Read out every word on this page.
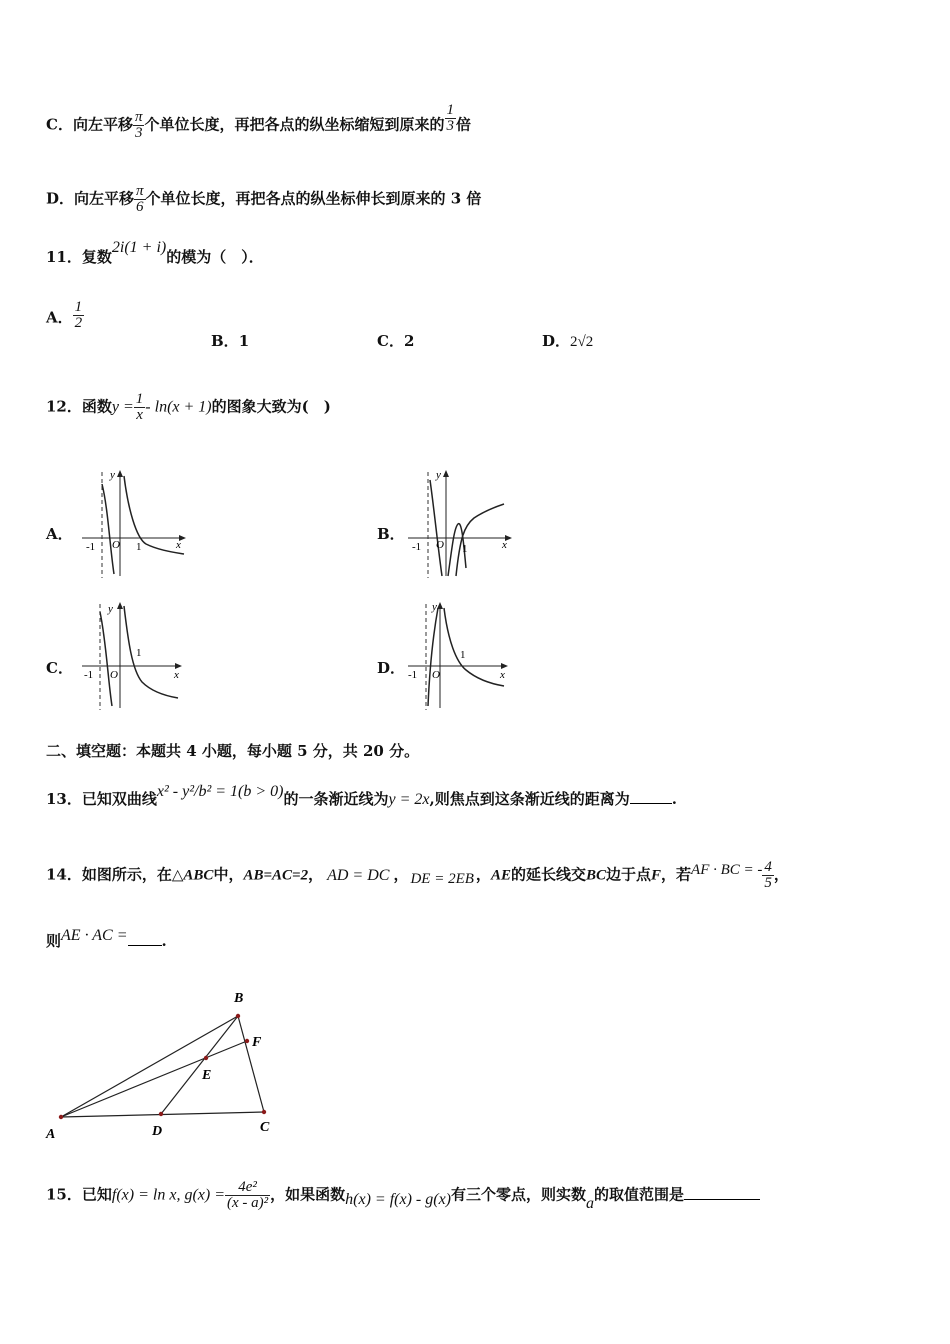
C．向左平移 $\frac{\pi}{3}$ 个单位长度，再把各点的纵坐标缩短到原来的 $\frac{1}{3}$ 倍
D．向左平移 $\frac{\pi}{6}$ 个单位长度，再把各点的纵坐标伸长到原来的 3 倍
11．复数2i(1 + i)的模为（　）．
A． $\frac{1}{2}$
B．1	C．2	D．2√2
12．函数$y = \frac{1}{x} - \ln(x + 1)$的图象大致为(　)
A．
y
x
O
-1	1
B．
y
x
O
-1	1
C．
y
x
O
-1
1
D．
y
x
O
-1
1
二、填空题：本题共 4 小题，每小题 5 分，共 20 分。
13．已知双曲线x² - y²/b² = 1(b > 0)的一条渐近线为y = 2x,则焦点到这条渐近线的距离为	.
14．如图所示，在△ABC中，AB=AC=2， AD = DC ， DE = 2EB ，AE的延长线交BC边于点F，若AF · BC = - $\frac{4}{5}$ ，
则AE · AC = .
A
B
C
D
E
F
15．已知f(x) = ln x, $g(x) = \frac{\text{4e²}}{\text{(x - a)²}}$ ，如果函数h(x) = f(x) - g(x)有三个零点，则实数a的取值范围是
